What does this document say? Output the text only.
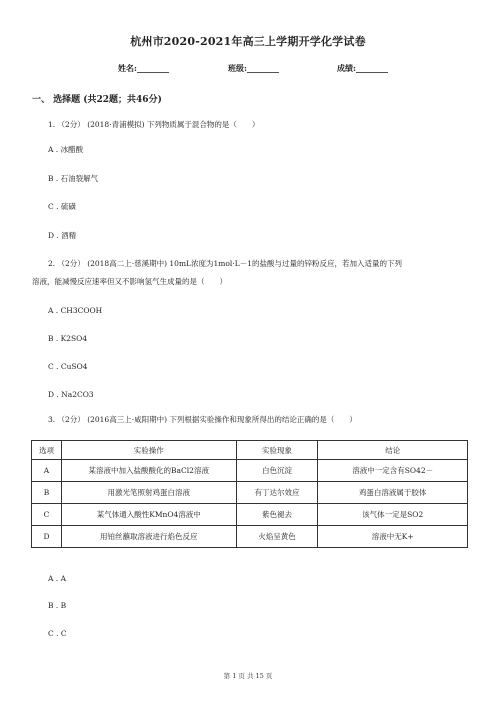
杭州市2020-2021年高三上学期开学化学试卷
姓名:________	班级:________	成绩:________
一、 选择题 (共22题；共46分)
1. （2分） (2018·青浦模拟) 下列物质属于混合物的是（　　）
A . 冰醋酸
B . 石油裂解气
C . 硫磺
D . 酒精
2. （2分） (2018高二上·慈溪期中) 10mL浓度为1mol·L－1的盐酸与过量的锌粉反应，若加入适量的下列
溶液，能减慢反应速率但又不影响氢气生成量的是（　　）
A . CH3COOH
B . K2SO4
C . CuSO4
D . Na2CO3
3. （2分） (2016高三上·咸阳期中) 下列根据实验操作和现象所得出的结论正确的是（　　）
选项	实验操作	实验现象	结论
A	某溶液中加入盐酸酸化的BaCl2溶液	白色沉淀	溶液中一定含有SO42－
B	用激光笔照射鸡蛋白溶液	有丁达尔效应	鸡蛋白溶液属于胶体
C	某气体通入酸性KMnO4溶液中	紫色褪去	该气体一定是SO2
D	用铂丝蘸取溶液进行焰色反应	火焰呈黄色	溶液中无K+
A . A
B . B
C . C
第 1 页 共 15 页
